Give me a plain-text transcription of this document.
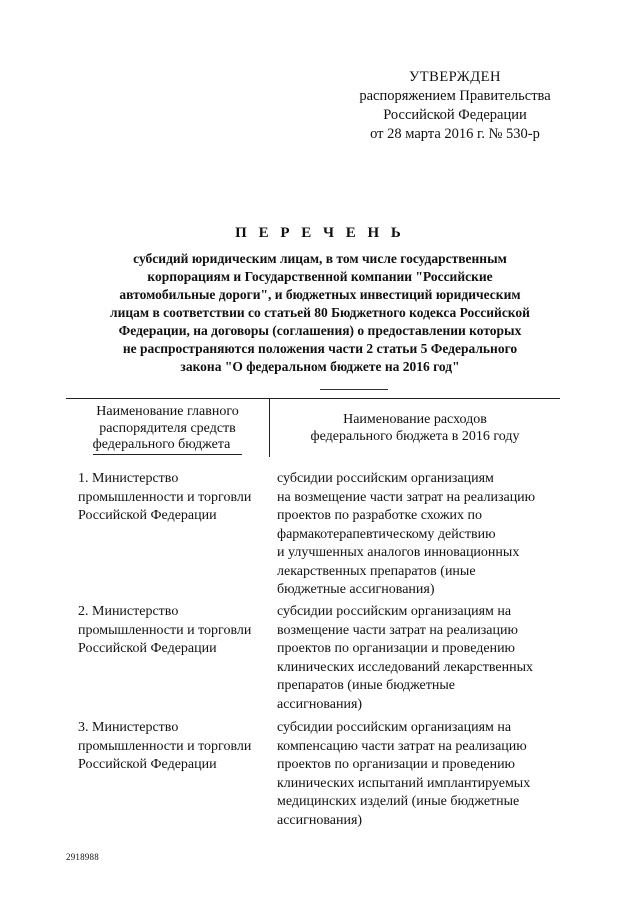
УТВЕРЖДЕН
распоряжением Правительства
Российской Федерации
от 28 марта 2016 г. № 530-р
П Е Р Е Ч Е Н Ь
субсидий юридическим лицам, в том числе государственным
корпорациям и Государственной компании "Российские
автомобильные дороги", и бюджетных инвестиций юридическим
лицам в соответствии со статьей 80 Бюджетного кодекса Российской
Федерации, на договоры (соглашения) о предоставлении которых
не распространяются положения части 2 статьи 5 Федерального
закона "О федеральном бюджете на 2016 год"
Наименование главного
распорядителя средств
федерального бюджета
Наименование расходов
федерального бюджета в 2016 году
1. Министерство
промышленности и торговли
Российской Федерации
субсидии российским организациям
на возмещение части затрат на реализацию
проектов по разработке схожих по
фармакотерапевтическому действию
и улучшенных аналогов инновационных
лекарственных препаратов (иные
бюджетные ассигнования)
2. Министерство
промышленности и торговли
Российской Федерации
субсидии российским организациям на
возмещение части затрат на реализацию
проектов по организации и проведению
клинических исследований лекарственных
препаратов (иные бюджетные
ассигнования)
3. Министерство
промышленности и торговли
Российской Федерации
субсидии российским организациям на
компенсацию части затрат на реализацию
проектов по организации и проведению
клинических испытаний имплантируемых
медицинских изделий (иные бюджетные
ассигнования)
2918988
